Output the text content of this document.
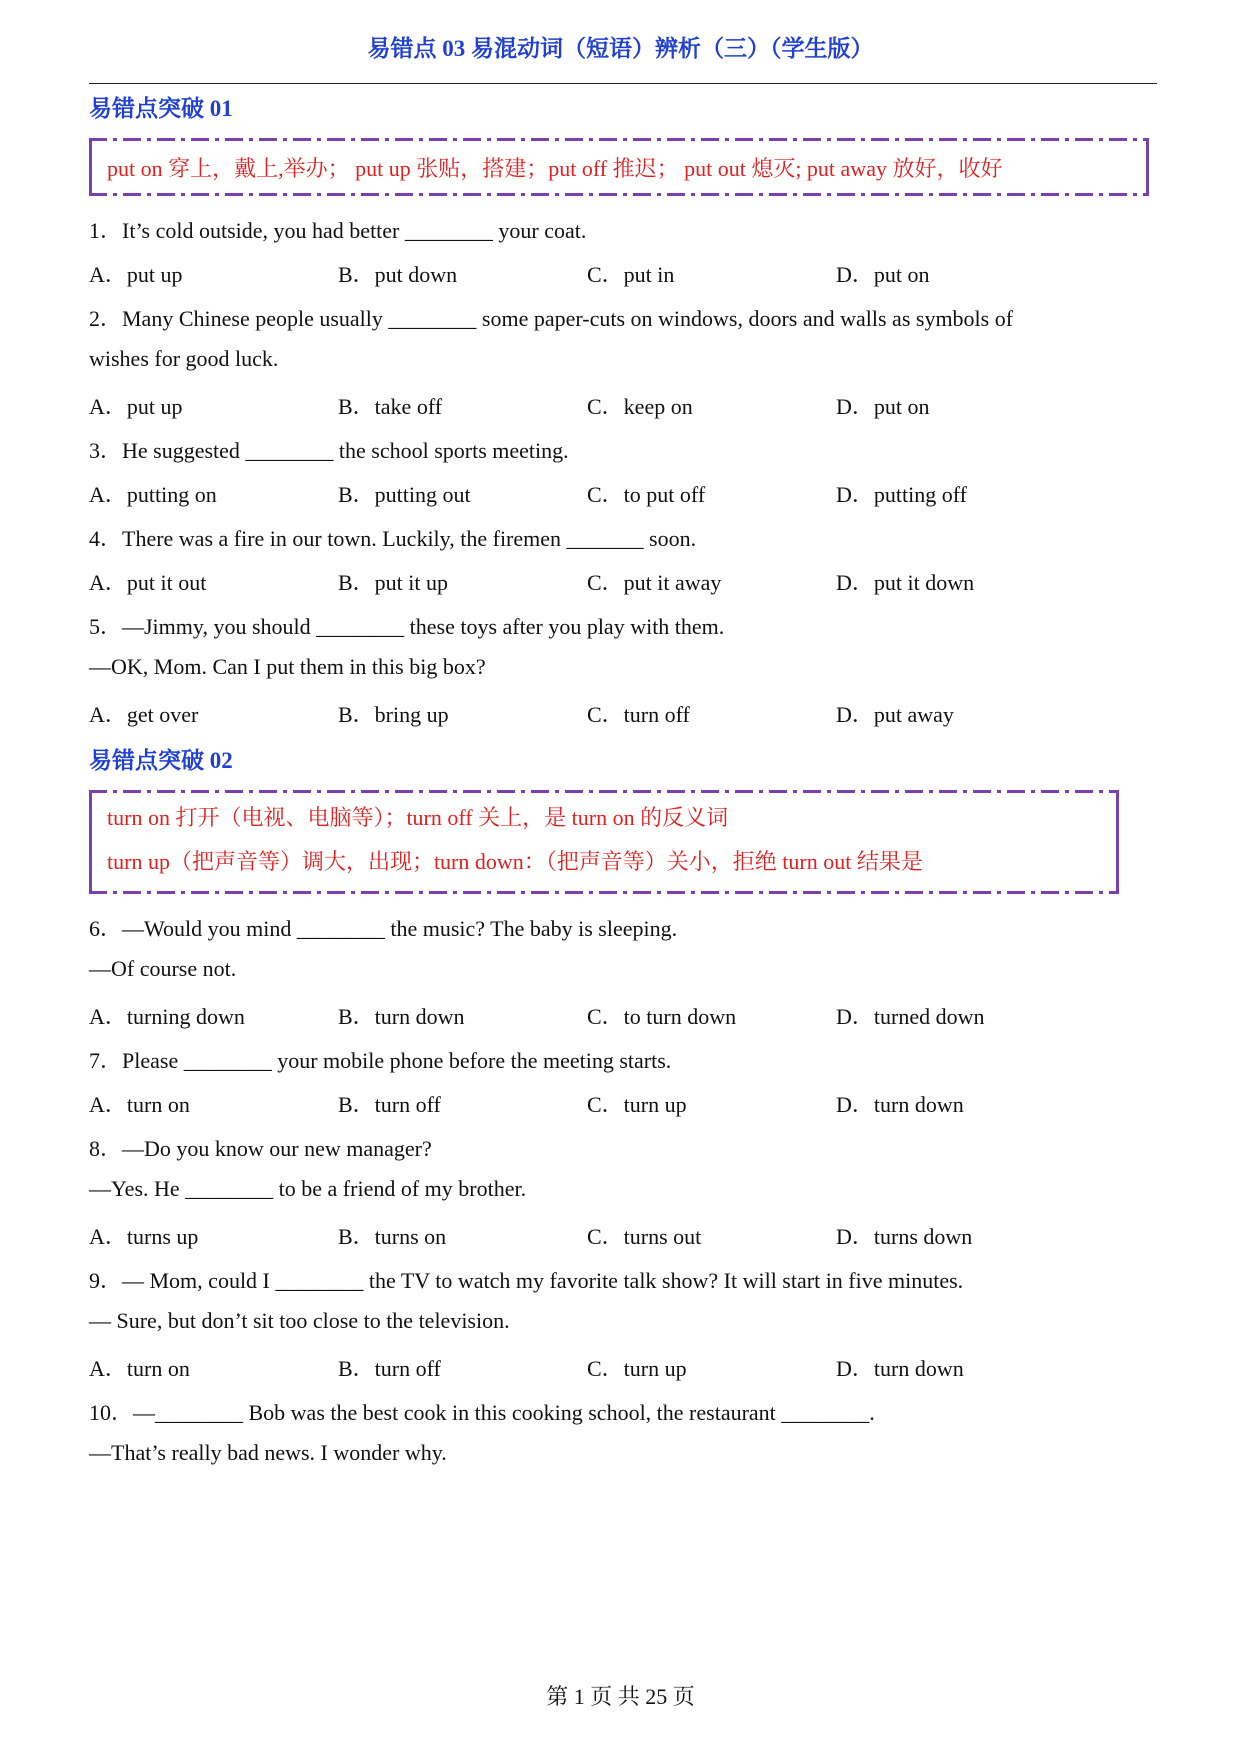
易错点 03 易混动词（短语）辨析（三）（学生版）
易错点突破 01
put on 穿上，戴上,举办； put up 张贴，搭建；put off 推迟； put out 熄灭; put away 放好，收好
1．It’s cold outside, you had better ________ your coat.
A．put up	B．put down	C．put in	D．put on
2．Many Chinese people usually ________ some paper-cuts on windows, doors and walls as symbols of
wishes for good luck.
A．put up	B．take off	C．keep on	D．put on
3．He suggested ________ the school sports meeting.
A．putting on	B．putting out	C．to put off	D．putting off
4．There was a fire in our town. Luckily, the firemen _______ soon.
A．put it out	B．put it up	C．put it away	D．put it down
5．—Jimmy, you should ________ these toys after you play with them.
—OK, Mom. Can I put them in this big box?
A．get over	B．bring up	C．turn off	D．put away
易错点突破 02
turn on 打开（电视、电脑等）；turn off 关上，是 turn on 的反义词
turn up（把声音等）调大，出现；turn down：（把声音等）关小，拒绝 turn out 结果是
6．—Would you mind ________ the music? The baby is sleeping.
—Of course not.
A．turning down	B．turn down	C．to turn down	D．turned down
7．Please ________ your mobile phone before the meeting starts.
A．turn on	B．turn off	C．turn up	D．turn down
8．—Do you know our new manager?
—Yes. He ________ to be a friend of my brother.
A．turns up	B．turns on	C．turns out	D．turns down
9．— Mom, could I ________ the TV to watch my favorite talk show? It will start in five minutes.
— Sure, but don’t sit too close to the television.
A．turn on	B．turn off	C．turn up	D．turn down
10．—________ Bob was the best cook in this cooking school, the restaurant ________.
—That’s really bad news. I wonder why.
第 1 页 共 25 页
